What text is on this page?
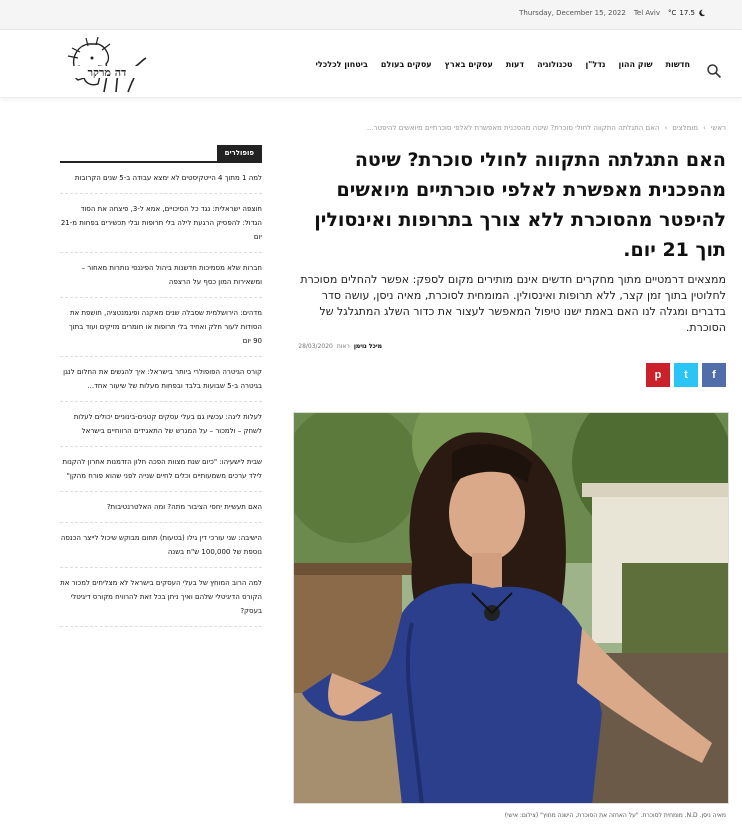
Thursday, December 15, 2022 Tel Aviv °C 17.5
דה מרקר
חדשות
שוק ההון
נדל"ן
טכנולוגיה
דעות
עסקים בארץ
עסקים בעולם
ביטחון לכלכלי
ראשי
›
מומלצים
›
האם התגלתה התקווה לחולי סוכרת? שיטה מהפכנית מאפשרת לאלפי סוכרתיים מיואשים להיפטר...
האם התגלתה התקווה לחולי סוכרת? שיטה מהפכנית מאפשרת לאלפי סוכרתיים מיואשים להיפטר מהסוכרת ללא צורך בתרופות ואינסולין תוך 21 יום.

ממצאים דרמטיים מתוך מחקרים חדשים אינם מותירים מקום לספק: אפשר להחלים מסוכרת לחלוטין בתוך זמן קצר, ללא תרופות ואינסולין. המומחית לסוכרת, מאיה ניסן, עושה סדר בדברים ומגלה לנו האם באמת ישנו טיפול המאפשר לעצור את כדור השלג המתגלגל של הסוכרת.

מיכל נוימן
ראות
28/03/2020
f
t
p
מאיה ניסן. N.D. מומחית לסוכרת. "על האחזה את הסוכרת, הישנה מחוץ" (צילום: אישי)
פופולרים
למה 1 מתוך 4 הייטקיסטים לא ימצא עבודה ב-5 שנים הקרובות
חוצפה ישראלית: נגד כל הסיכויים, אמא ל-3, פיצחה את הסוד הגדול: להפסיק הרגעת לילה בלי תרופות ובלי תכשירים בפחות מ-21 יום
חברות שלא מסמיכות חדשנות ביהול הפיננסי נותרות מאחור – ומשאירות המון כסף על הרצפה
מדהים: הירושלמית שסבלה שנים מאקנה ופיגמנטציה, חושפת את הסודות לעור חלק ואחיד בלי תרופות או חומרים מזיקים ועוד בתוך 90 יום
קורס הגיטרה הפופולרי ביותר בישראל: איך להגשים את החלום לנגן בגיטרה ב-5 שבועות בלבד ובפחות מעלות של שיעור אחד...
לעלות ליגה: עכשיו גם בעלי עסקים קטנים-בינוניים יכולים לעלות לשחק – ולמכור – על המגרש של התאגידים הרווחיים בישראל
שבית לישעיהו: "כיום שנת מצוות הפכה חלון הזדמנות אחרון להקנות לילד ערכים משמעותיים וכלים לחיים שנייה לפני שהוא פורח מהקן"
האם תעשיית יחסי הציבור מתה? ומה האלטרנטיבות?
הישיבה: שני עורכי דין גילו (בטעות) תחום מבוקש שיכול לייצר הכנסה נוספת של 100,000 ש"ח בשנה
למה הרוב המוחץ של בעלי העסקים בישראל לא מצליחים למכור את הקורס הדיגיטלי שלהם ואיך ניתן בכל זאת להרוויח מקורס דיגיטלי בעסק?
